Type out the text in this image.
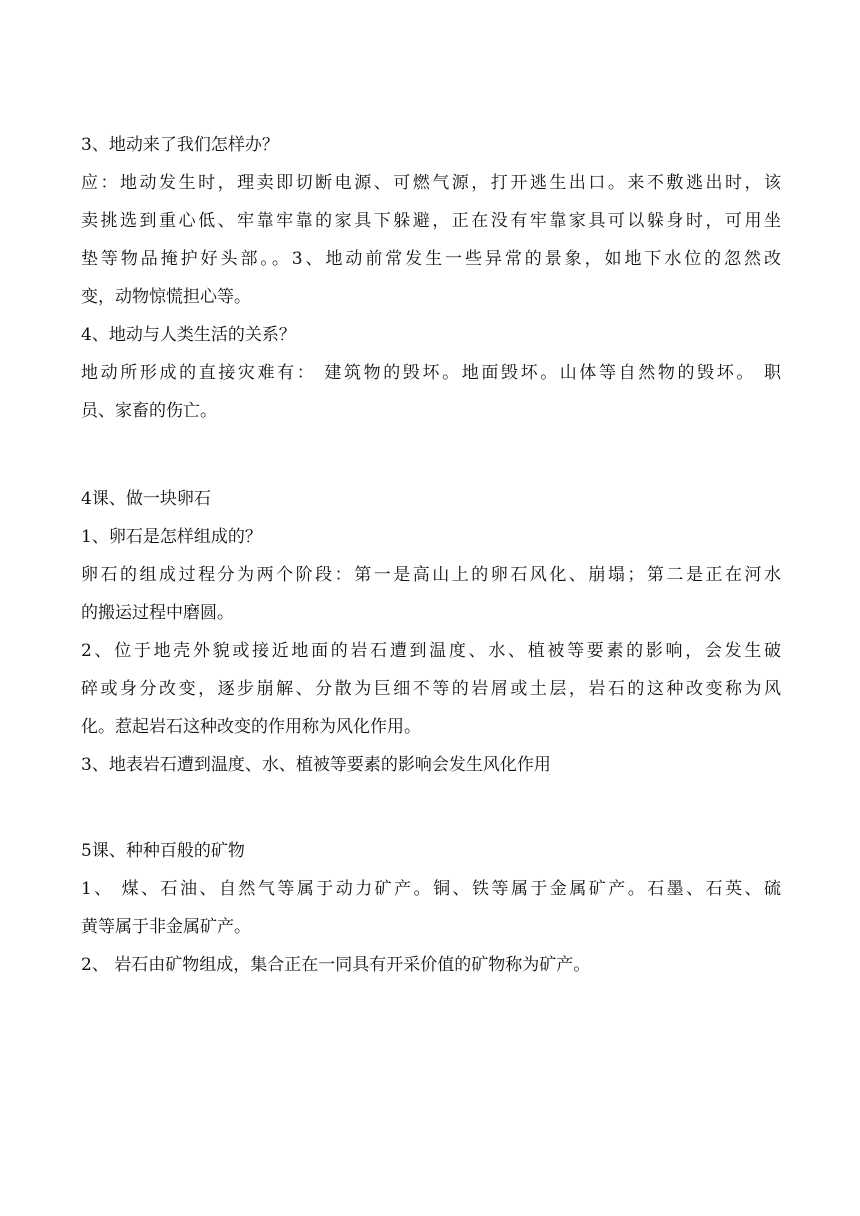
3、地动来了我们怎样办？
应：地动发生时，理卖即切断电源、可燃气源，打开逃生出口。来不敷逃出时，该
卖挑选到重心低、牢靠牢靠的家具下躲避，正在没有牢靠家具可以躲身时，可用坐
垫等物品掩护好头部。。3、地动前常发生一些异常的景象，如地下水位的忽然改
变，动物惊慌担心等。
4、地动与人类生活的关系？
地动所形成的直接灾难有： 建筑物的毁坏。地面毁坏。山体等自然物的毁坏。 职
员、家畜的伤亡。
4课、做一块卵石
1、卵石是怎样组成的？
卵石的组成过程分为两个阶段：第一是高山上的卵石风化、崩塌；第二是正在河水
的搬运过程中磨圆。
2、位于地壳外貌或接近地面的岩石遭到温度、水、植被等要素的影响，会发生破
碎或身分改变，逐步崩解、分散为巨细不等的岩屑或土层，岩石的这种改变称为风
化。惹起岩石这种改变的作用称为风化作用。
3、地表岩石遭到温度、水、植被等要素的影响会发生风化作用
5课、种种百般的矿物
1、 煤、石油、自然气等属于动力矿产。铜、铁等属于金属矿产。石墨、石英、硫
黄等属于非金属矿产。
2、 岩石由矿物组成，集合正在一同具有开采价值的矿物称为矿产。
